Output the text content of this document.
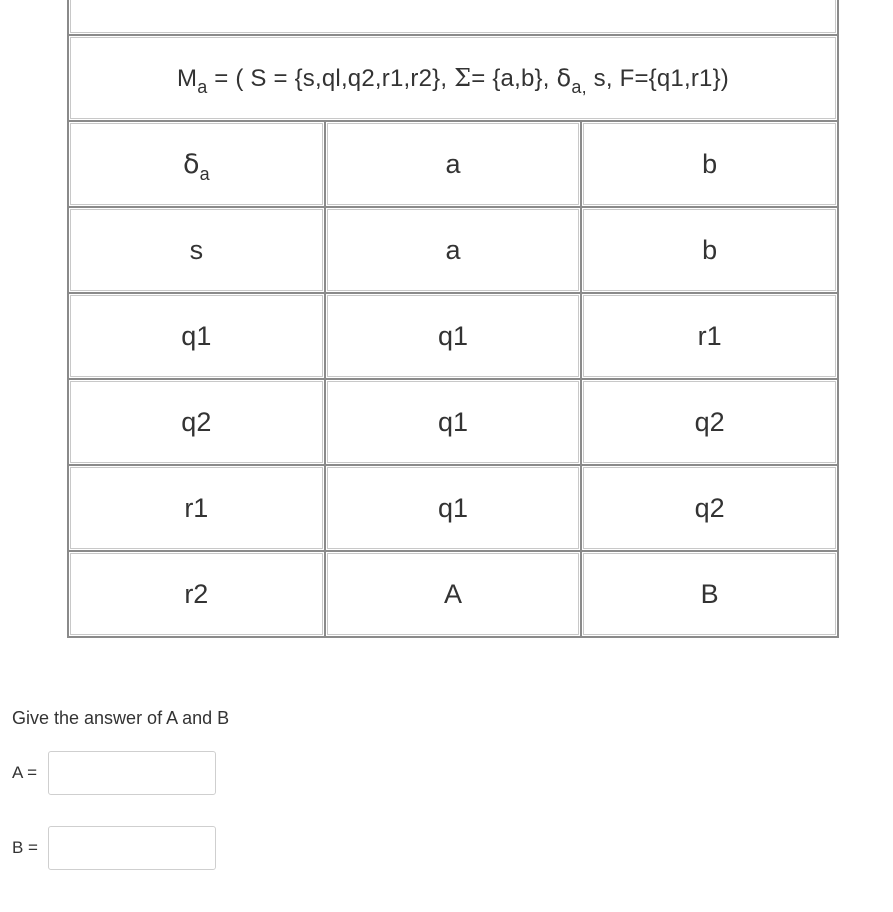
$M_a$ = ( S = {s,ql,q2,r1,r2}, Σ= {a,b}, $\delta_{a,}$ s, F={q1,r1})		
$\delta_a$	a	b
s	a	b
q1	q1	r1
q2	q1	q2
r1	q1	q2
r2	A	B
Give the answer of A and B
A =
B =
